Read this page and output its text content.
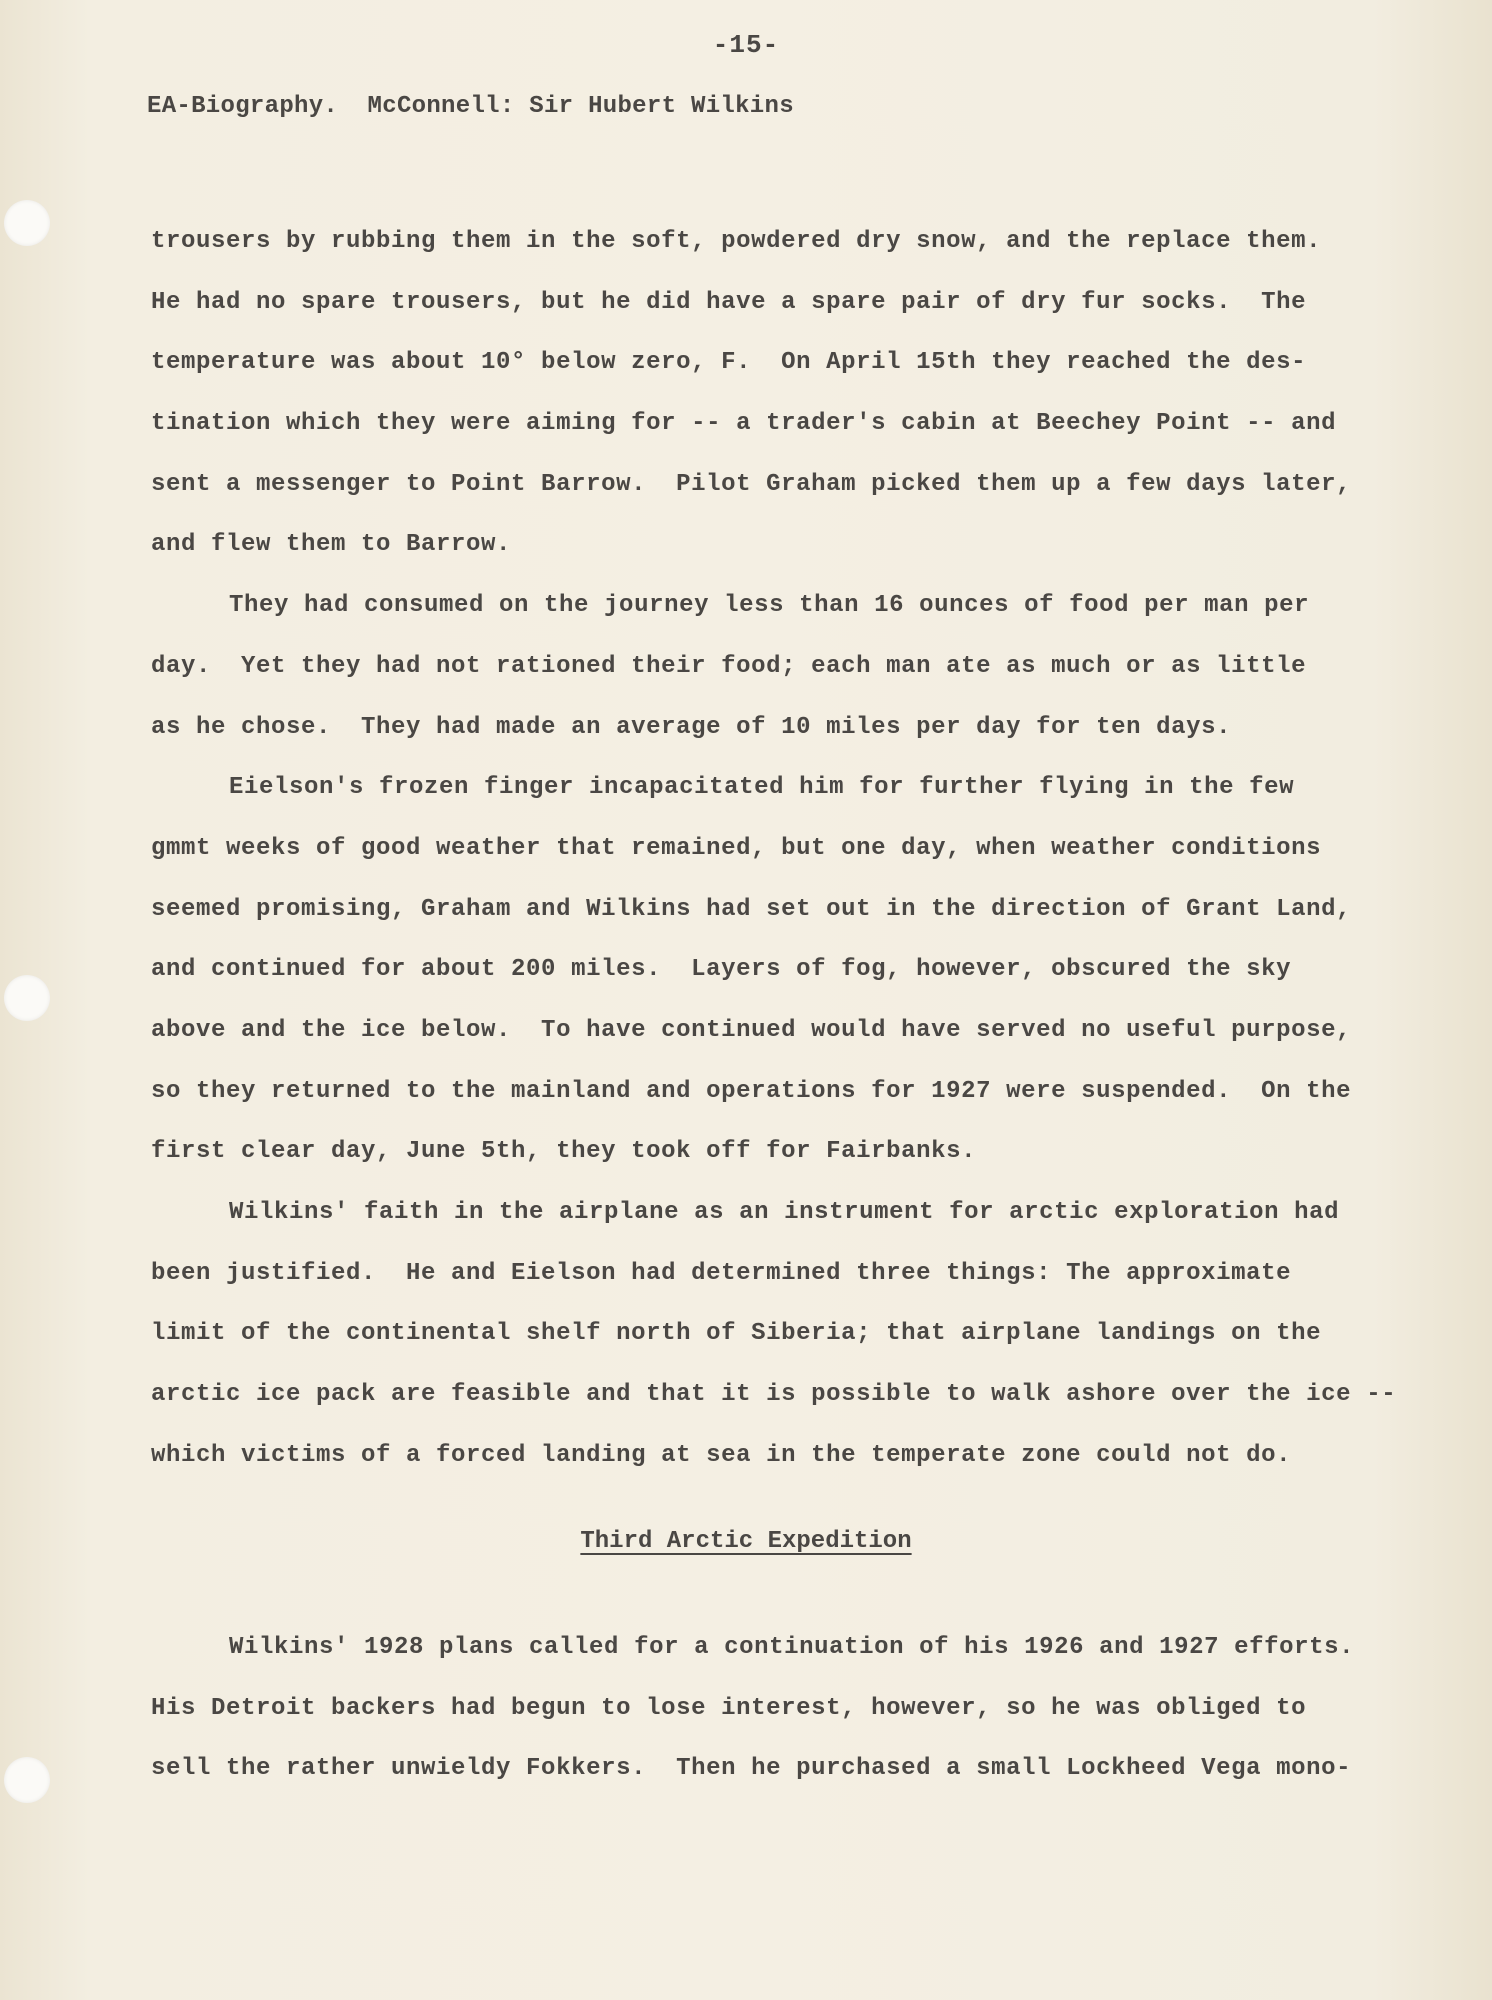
-15-
EA-Biography.  McConnell: Sir Hubert Wilkins
trousers by rubbing them in the soft, powdered dry snow, and the replace them.
He had no spare trousers, but he did have a spare pair of dry fur socks.  The
temperature was about 10° below zero, F.  On April 15th they reached the des-
tination which they were aiming for -- a trader's cabin at Beechey Point -- and
sent a messenger to Point Barrow.  Pilot Graham picked them up a few days later,
and flew them to Barrow.
They had consumed on the journey less than 16 ounces of food per man per
day.  Yet they had not rationed their food; each man ate as much or as little
as he chose.  They had made an average of 10 miles per day for ten days.
Eielson's frozen finger incapacitated him for further flying in the few
gmmt weeks of good weather that remained, but one day, when weather conditions
seemed promising, Graham and Wilkins had set out in the direction of Grant Land,
and continued for about 200 miles.  Layers of fog, however, obscured the sky
above and the ice below.  To have continued would have served no useful purpose,
so they returned to the mainland and operations for 1927 were suspended.  On the
first clear day, June 5th, they took off for Fairbanks.
Wilkins' faith in the airplane as an instrument for arctic exploration had
been justified.  He and Eielson had determined three things: The approximate
limit of the continental shelf north of Siberia; that airplane landings on the
arctic ice pack are feasible and that it is possible to walk ashore over the ice --
which victims of a forced landing at sea in the temperate zone could not do.
Third Arctic Expedition
Wilkins' 1928 plans called for a continuation of his 1926 and 1927 efforts.
His Detroit backers had begun to lose interest, however, so he was obliged to
sell the rather unwieldy Fokkers.  Then he purchased a small Lockheed Vega mono-
